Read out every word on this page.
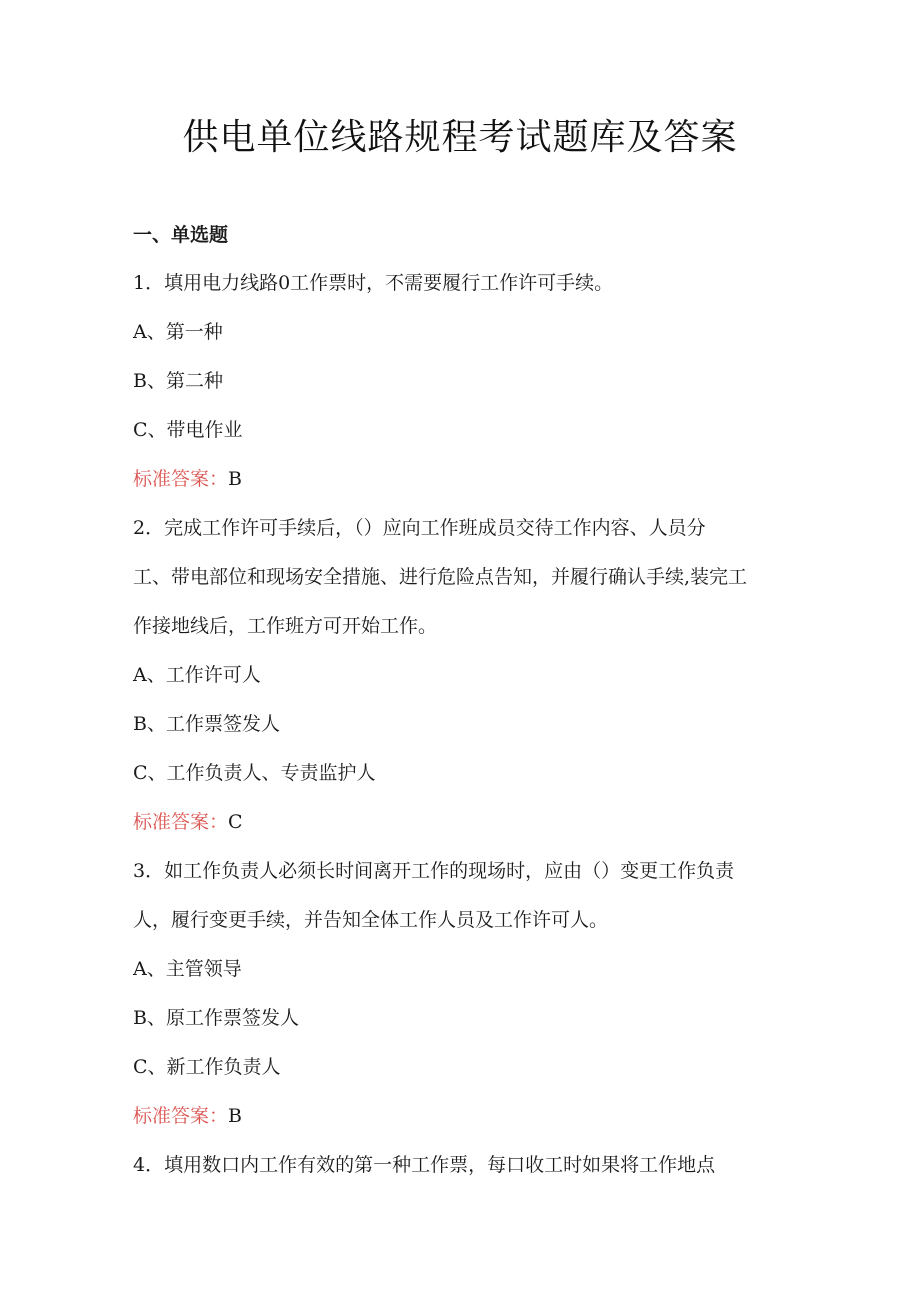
供电单位线路规程考试题库及答案
一、单选题
1．填用电力线路0工作票时，不需要履行工作许可手续。
A、第一种
B、第二种
C、带电作业
标准答案：B
2．完成工作许可手续后，（）应向工作班成员交待工作内容、人员分
工、带电部位和现场安全措施、进行危险点告知，并履行确认手续,装完工
作接地线后，工作班方可开始工作。
A、工作许可人
B、工作票签发人
C、工作负责人、专责监护人
标准答案：C
3．如工作负责人必须长时间离开工作的现场时，应由（）变更工作负责
人，履行变更手续，并告知全体工作人员及工作许可人。
A、主管领导
B、原工作票签发人
C、新工作负责人
标准答案：B
4．填用数口内工作有效的第一种工作票，每口收工时如果将工作地点
